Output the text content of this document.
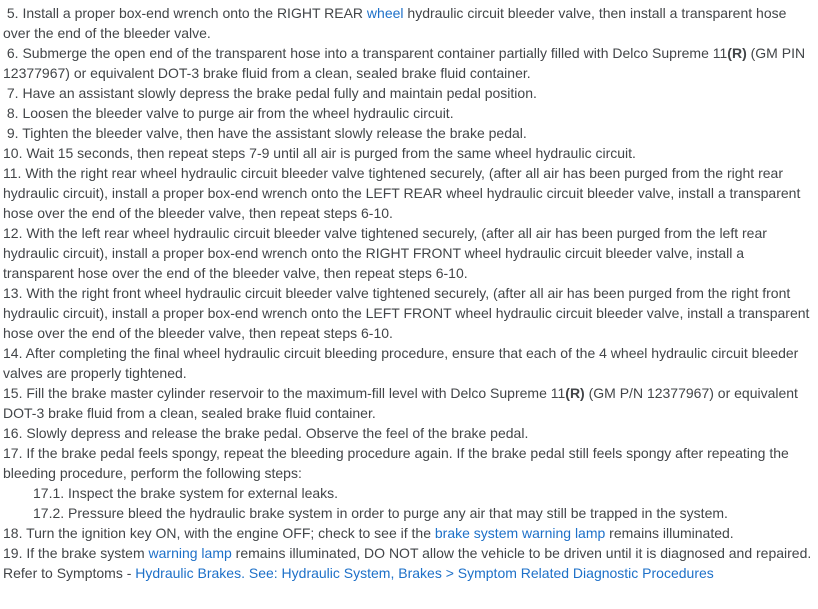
5. Install a proper box-end wrench onto the RIGHT REAR wheel hydraulic circuit bleeder valve, then install a transparent hose over the end of the bleeder valve.
6. Submerge the open end of the transparent hose into a transparent container partially filled with Delco Supreme 11(R) (GM PIN 12377967) or equivalent DOT-3 brake fluid from a clean, sealed brake fluid container.
7. Have an assistant slowly depress the brake pedal fully and maintain pedal position.
8. Loosen the bleeder valve to purge air from the wheel hydraulic circuit.
9. Tighten the bleeder valve, then have the assistant slowly release the brake pedal.
10. Wait 15 seconds, then repeat steps 7-9 until all air is purged from the same wheel hydraulic circuit.
11. With the right rear wheel hydraulic circuit bleeder valve tightened securely, (after all air has been purged from the right rear hydraulic circuit), install a proper box-end wrench onto the LEFT REAR wheel hydraulic circuit bleeder valve, install a transparent hose over the end of the bleeder valve, then repeat steps 6-10.
12. With the left rear wheel hydraulic circuit bleeder valve tightened securely, (after all air has been purged from the left rear hydraulic circuit), install a proper box-end wrench onto the RIGHT FRONT wheel hydraulic circuit bleeder valve, install a transparent hose over the end of the bleeder valve, then repeat steps 6-10.
13. With the right front wheel hydraulic circuit bleeder valve tightened securely, (after all air has been purged from the right front hydraulic circuit), install a proper box-end wrench onto the LEFT FRONT wheel hydraulic circuit bleeder valve, install a transparent hose over the end of the bleeder valve, then repeat steps 6-10.
14. After completing the final wheel hydraulic circuit bleeding procedure, ensure that each of the 4 wheel hydraulic circuit bleeder valves are properly tightened.
15. Fill the brake master cylinder reservoir to the maximum-fill level with Delco Supreme 11(R) (GM P/N 12377967) or equivalent DOT-3 brake fluid from a clean, sealed brake fluid container.
16. Slowly depress and release the brake pedal. Observe the feel of the brake pedal.
17. If the brake pedal feels spongy, repeat the bleeding procedure again. If the brake pedal still feels spongy after repeating the bleeding procedure, perform the following steps:
17.1. Inspect the brake system for external leaks.
17.2. Pressure bleed the hydraulic brake system in order to purge any air that may still be trapped in the system.
18. Turn the ignition key ON, with the engine OFF; check to see if the brake system warning lamp remains illuminated.
19. If the brake system warning lamp remains illuminated, DO NOT allow the vehicle to be driven until it is diagnosed and repaired. Refer to Symptoms - Hydraulic Brakes. See: Hydraulic System, Brakes > Symptom Related Diagnostic Procedures
